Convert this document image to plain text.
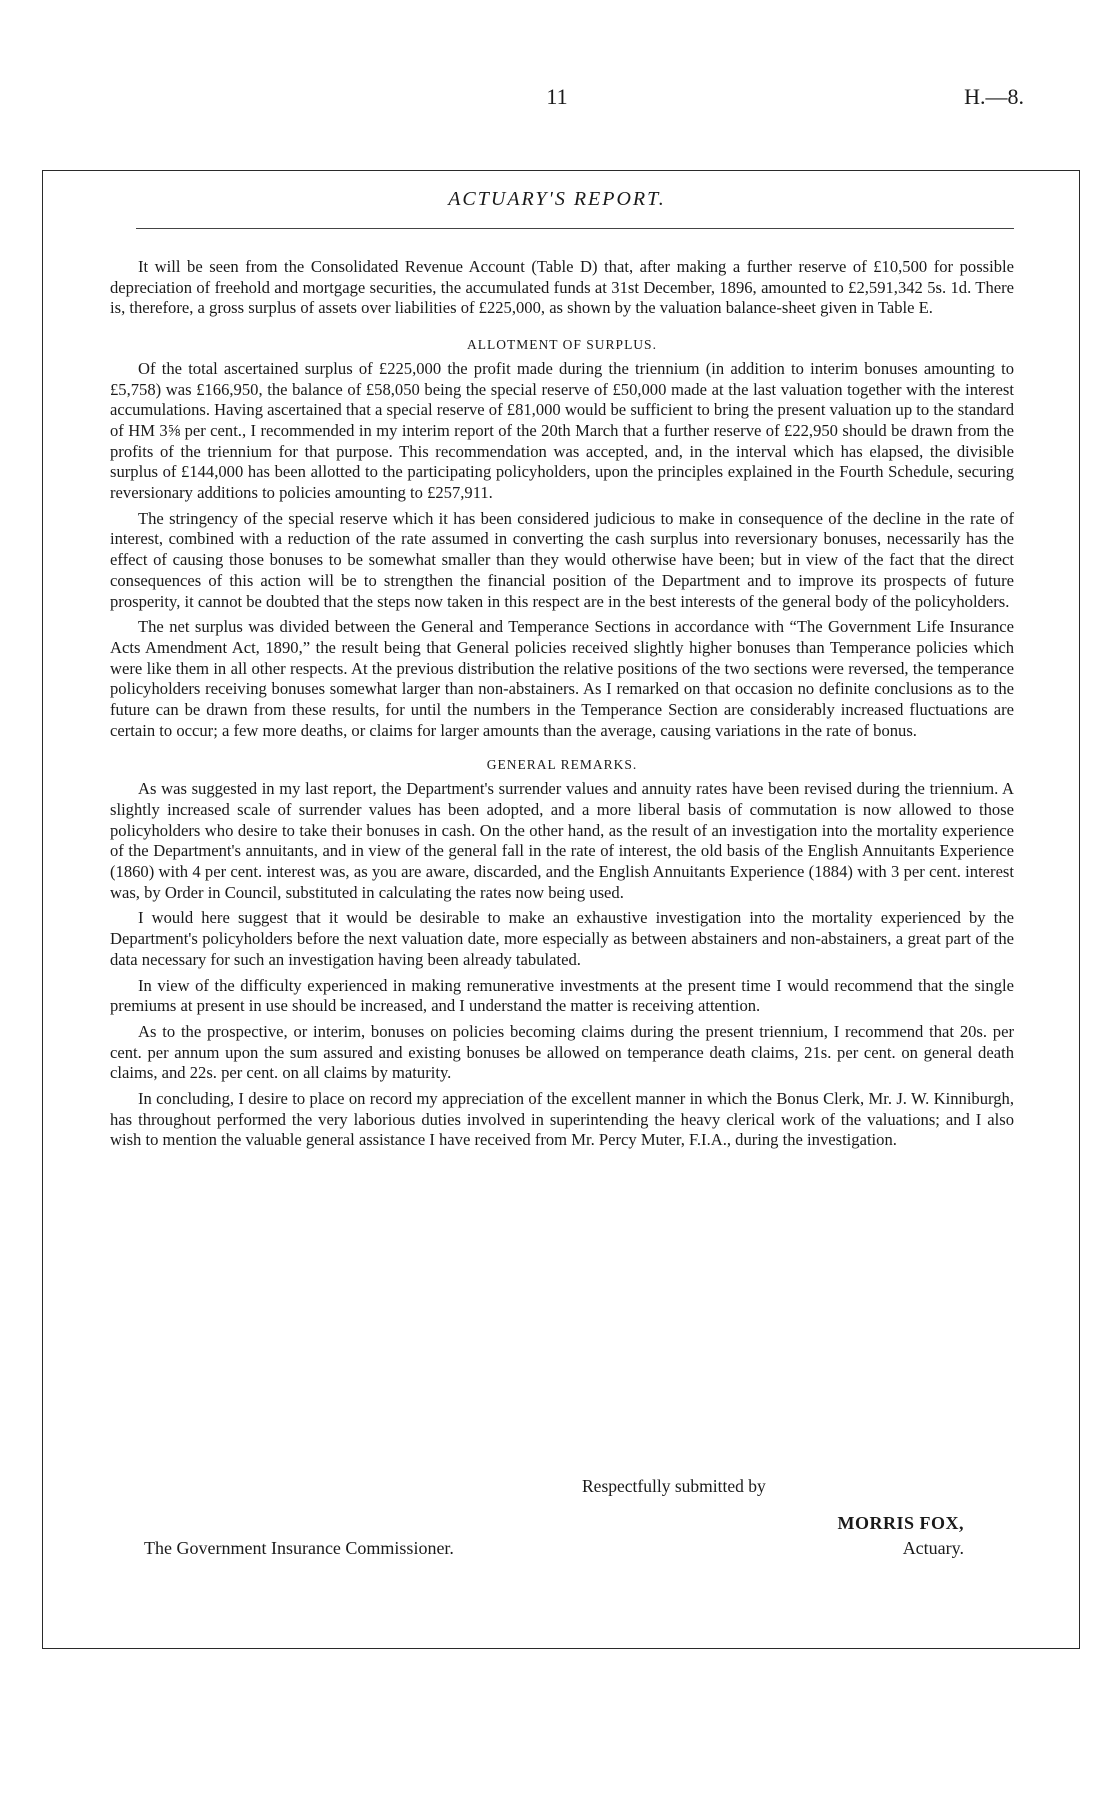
11	H.—8.
ACTUARY'S REPORT.

It will be seen from the Consolidated Revenue Account (Table D) that, after making a further reserve of £10,500 for possible depreciation of freehold and mortgage securities, the accumulated funds at 31st December, 1896, amounted to £2,591,342 5s. 1d. There is, therefore, a gross surplus of assets over liabilities of £225,000, as shown by the valuation balance-sheet given in Table E.

ALLOTMENT OF SURPLUS.

Of the total ascertained surplus of £225,000 the profit made during the triennium (in addition to interim bonuses amounting to £5,758) was £166,950, the balance of £58,050 being the special reserve of £50,000 made at the last valuation together with the interest accumulations. Having ascertained that a special reserve of £81,000 would be sufficient to bring the present valuation up to the standard of HM 3⅝ per cent., I recommended in my interim report of the 20th March that a further reserve of £22,950 should be drawn from the profits of the triennium for that purpose. This recommendation was accepted, and, in the interval which has elapsed, the divisible surplus of £144,000 has been allotted to the participating policyholders, upon the principles explained in the Fourth Schedule, securing reversionary additions to policies amounting to £257,911.

The stringency of the special reserve which it has been considered judicious to make in consequence of the decline in the rate of interest, combined with a reduction of the rate assumed in converting the cash surplus into reversionary bonuses, necessarily has the effect of causing those bonuses to be somewhat smaller than they would otherwise have been; but in view of the fact that the direct consequences of this action will be to strengthen the financial position of the Department and to improve its prospects of future prosperity, it cannot be doubted that the steps now taken in this respect are in the best interests of the general body of the policyholders.

The net surplus was divided between the General and Temperance Sections in accordance with “The Government Life Insurance Acts Amendment Act, 1890,” the result being that General policies received slightly higher bonuses than Temperance policies which were like them in all other respects. At the previous distribution the relative positions of the two sections were reversed, the temperance policyholders receiving bonuses somewhat larger than non-abstainers. As I remarked on that occasion no definite conclusions as to the future can be drawn from these results, for until the numbers in the Temperance Section are considerably increased fluctuations are certain to occur; a few more deaths, or claims for larger amounts than the average, causing variations in the rate of bonus.

GENERAL REMARKS.

As was suggested in my last report, the Department's surrender values and annuity rates have been revised during the triennium. A slightly increased scale of surrender values has been adopted, and a more liberal basis of commutation is now allowed to those policyholders who desire to take their bonuses in cash. On the other hand, as the result of an investigation into the mortality experience of the Department's annuitants, and in view of the general fall in the rate of interest, the old basis of the English Annuitants Experience (1860) with 4 per cent. interest was, as you are aware, discarded, and the English Annuitants Experience (1884) with 3 per cent. interest was, by Order in Council, substituted in calculating the rates now being used.

I would here suggest that it would be desirable to make an exhaustive investigation into the mortality experienced by the Department's policyholders before the next valuation date, more especially as between abstainers and non-abstainers, a great part of the data necessary for such an investigation having been already tabulated.

In view of the difficulty experienced in making remunerative investments at the present time I would recommend that the single premiums at present in use should be increased, and I understand the matter is receiving attention.

As to the prospective, or interim, bonuses on policies becoming claims during the present triennium, I recommend that 20s. per cent. per annum upon the sum assured and existing bonuses be allowed on temperance death claims, 21s. per cent. on general death claims, and 22s. per cent. on all claims by maturity.

In concluding, I desire to place on record my appreciation of the excellent manner in which the Bonus Clerk, Mr. J. W. Kinniburgh, has throughout performed the very laborious duties involved in superintending the heavy clerical work of the valuations; and I also wish to mention the valuable general assistance I have received from Mr. Percy Muter, F.I.A., during the investigation.

Respectfully submitted by
MORRIS FOX,
The Government Insurance Commissioner.	Actuary.
